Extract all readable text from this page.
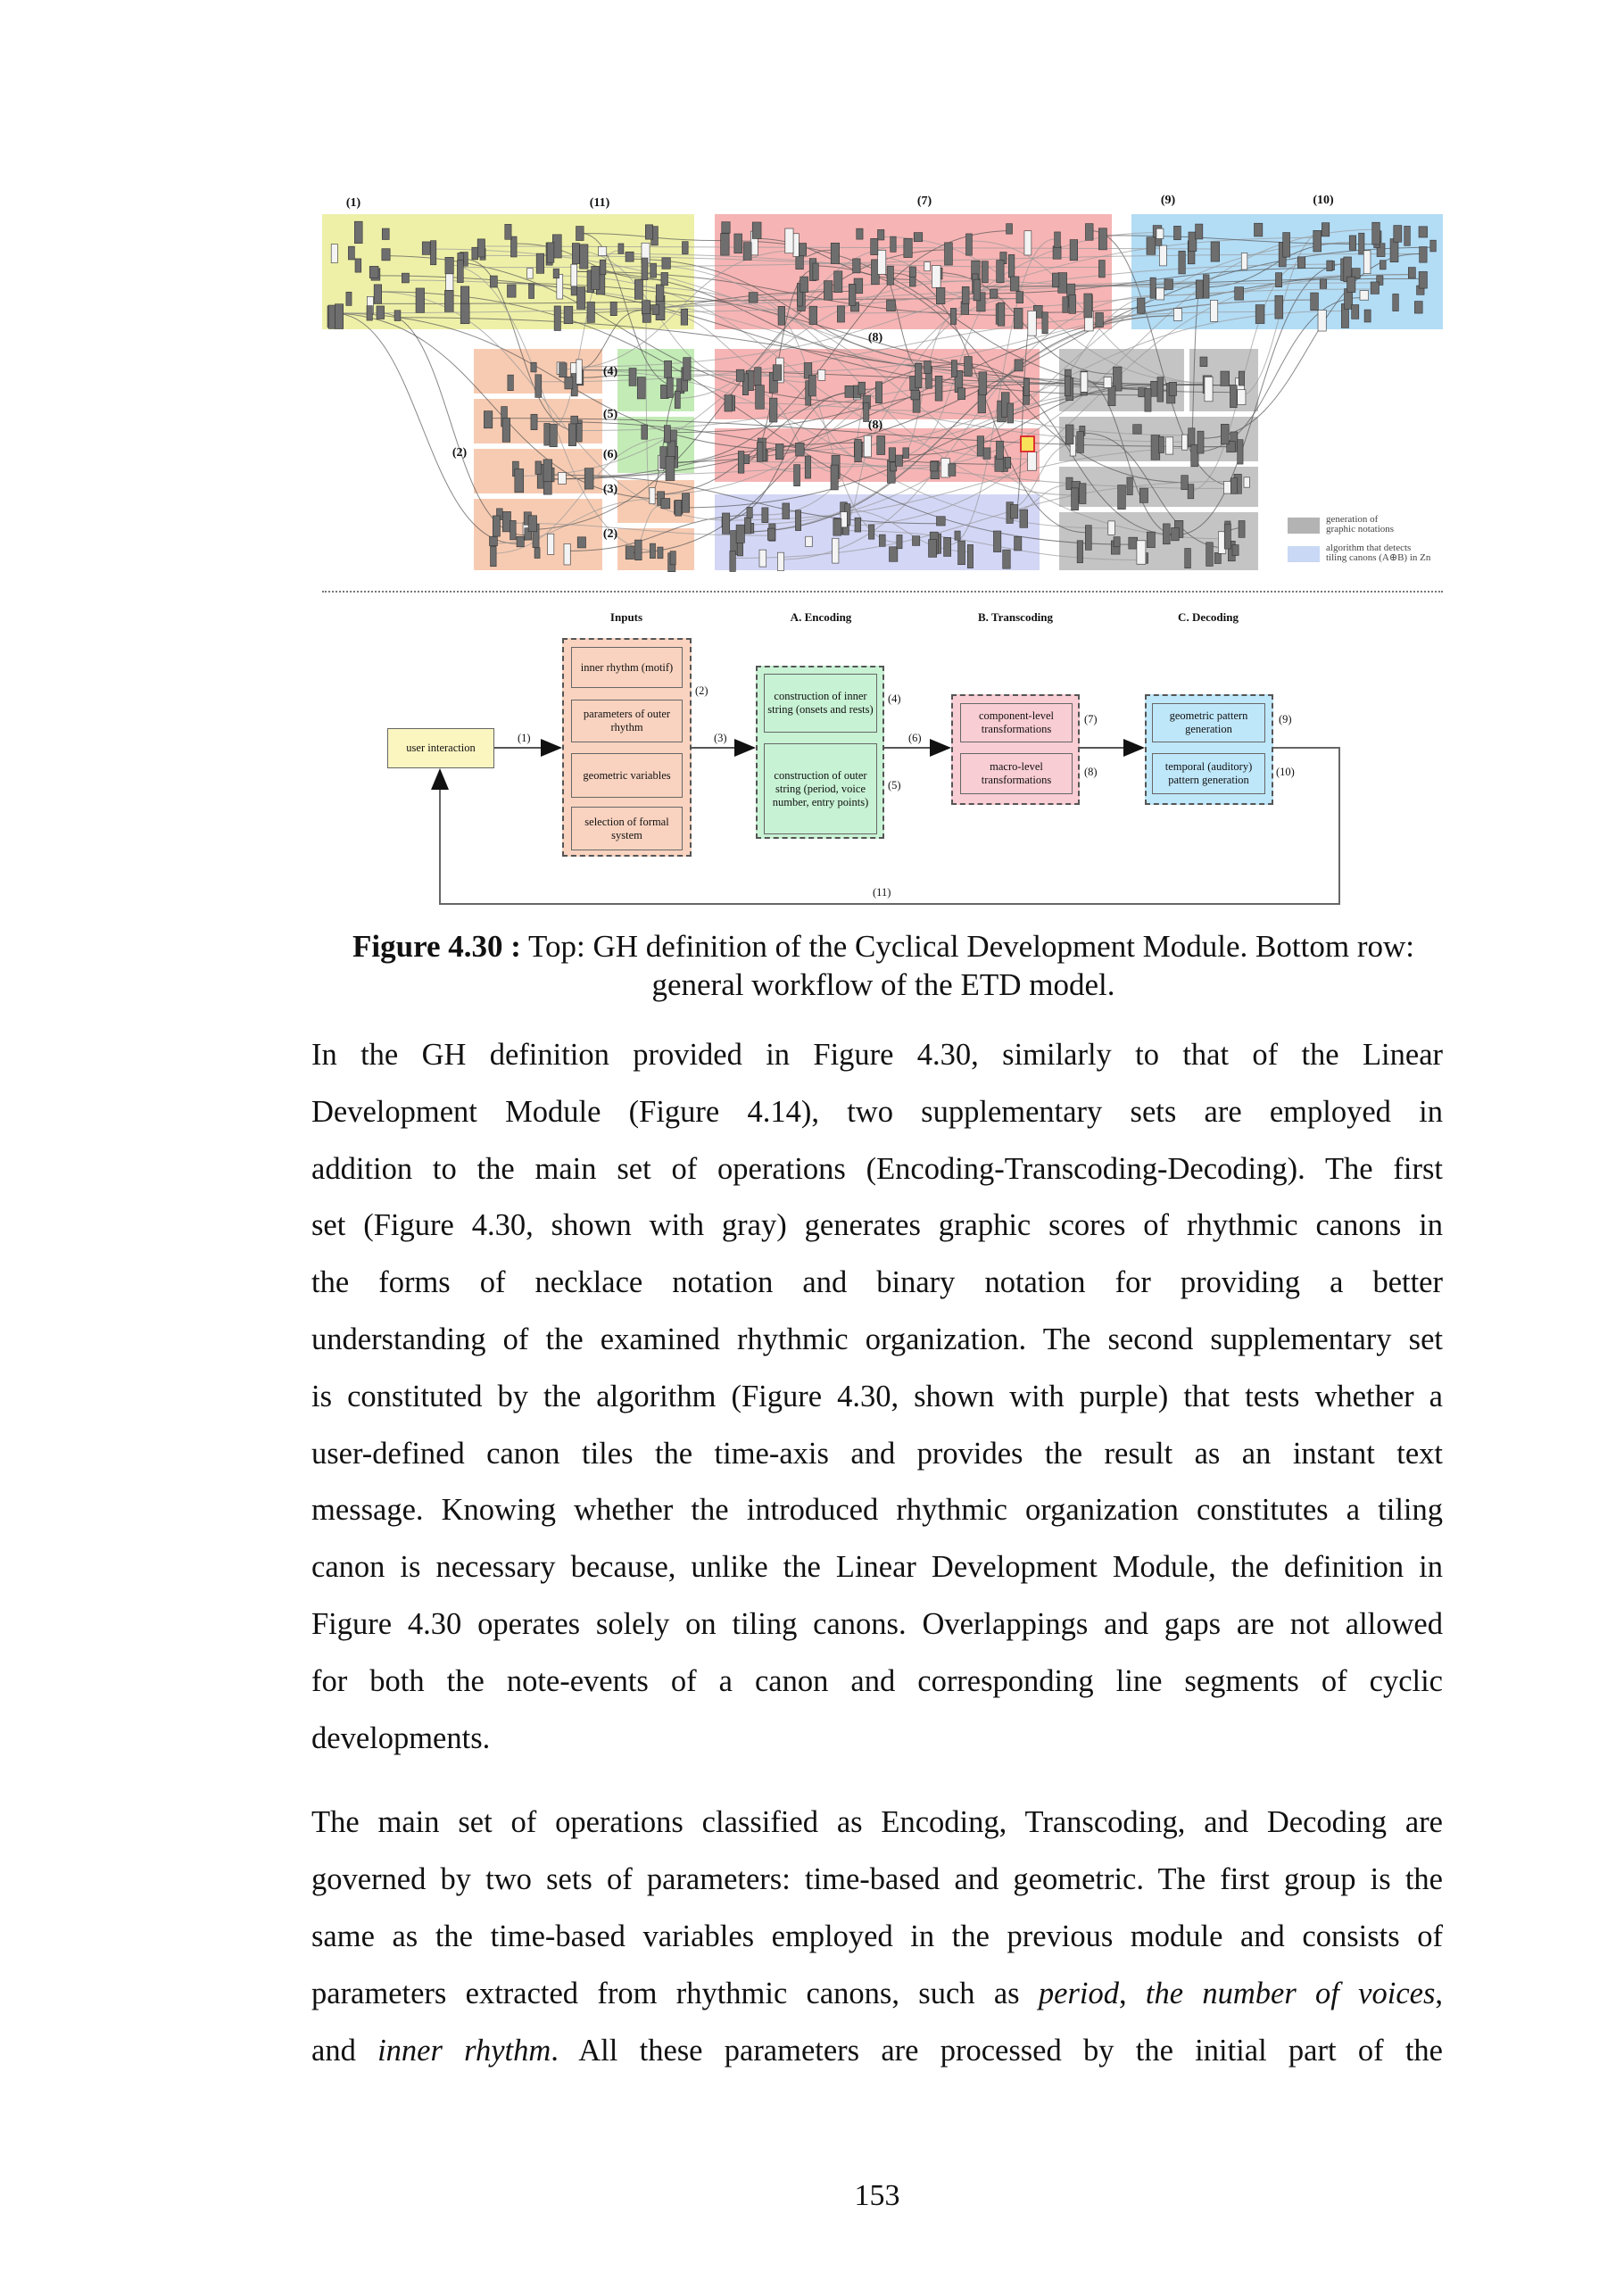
(1)	(11)	(7)	(9)	(10)
(8)
(8)
(4)
(5)
(6)
(3)
(2)
(2)
generation of
graphic notations
algorithm that detects
tiling canons (A⊕B) in Zn
Inputs	A. Encoding	B. Transcoding	C. Decoding
user interaction
inner rhythm (motif)
parameters of outer rhythm
geometric variables
selection of formal system
construction of inner string (onsets and rests)
construction of outer string (period, voice number, entry points)
component-level transformations
macro-level transformations
geometric pattern generation
temporal (auditory) pattern generation
(1)
(2)
(3)
(4)
(5)
(6)
(7)
(8)
(9)
(10)
(11)
Figure 4.30 : Top: GH definition of the Cyclical Development Module. Bottom row:
general workflow of the ETD model.
In the GH definition provided in Figure 4.30, similarly to that of the Linear
Development Module (Figure 4.14), two supplementary sets are employed in
addition to the main set of operations (Encoding-Transcoding-Decoding). The first
set (Figure 4.30, shown with gray) generates graphic scores of rhythmic canons in
the forms of necklace notation and binary notation for providing a better
understanding of the examined rhythmic organization. The second supplementary set
is constituted by the algorithm (Figure 4.30, shown with purple) that tests whether a
user-defined canon tiles the time-axis and provides the result as an instant text
message. Knowing whether the introduced rhythmic organization constitutes a tiling
canon is necessary because, unlike the Linear Development Module, the definition in
Figure 4.30 operates solely on tiling canons. Overlappings and gaps are not allowed
for both the note-events of a canon and corresponding line segments of cyclic
developments.
The main set of operations classified as Encoding, Transcoding, and Decoding are
governed by two sets of parameters: time-based and geometric. The first group is the
same as the time-based variables employed in the previous module and consists of
parameters extracted from rhythmic canons, such as period, the number of voices,
and inner rhythm. All these parameters are processed by the initial part of the
153
